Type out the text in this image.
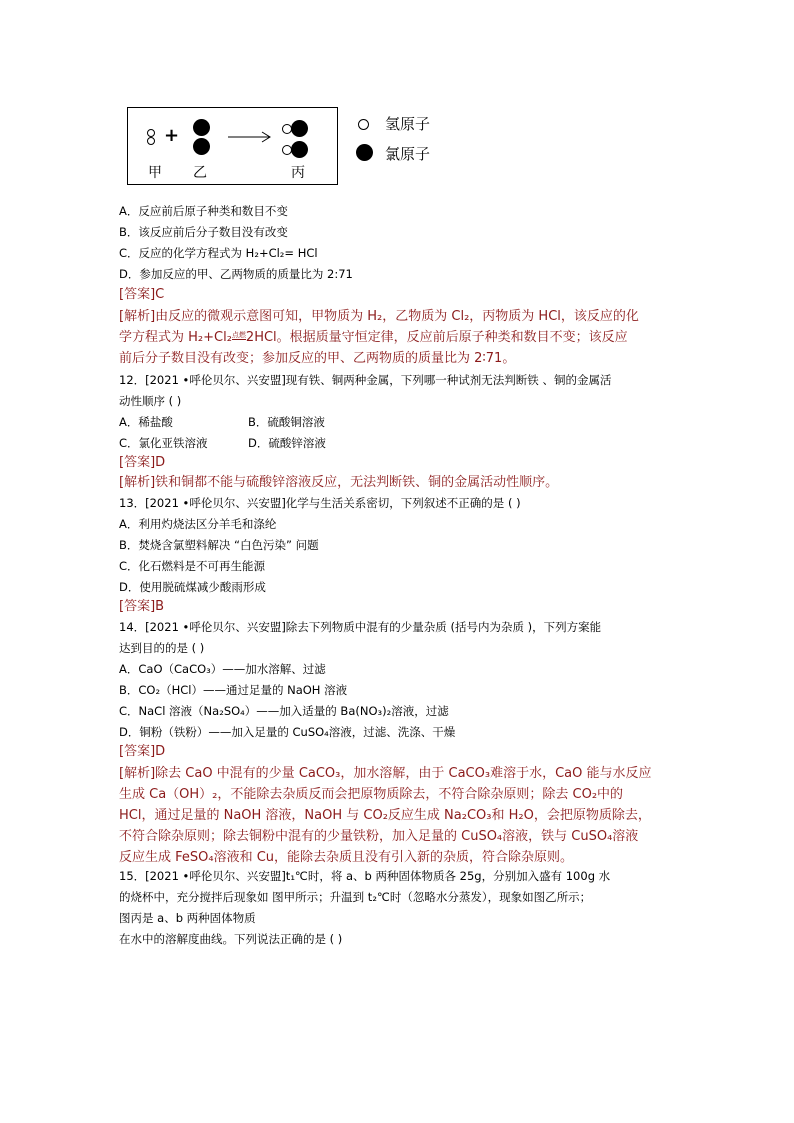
+
甲 乙	丙
氢原子
氯原子
A．反应前后原子种类和数目不变
B．该反应前后分子数目没有改变
C．反应的化学方程式为 H₂+Cl₂= HCl
D．参加反应的甲、乙两物质的质量比为 2:71
[答案]C
[解析]由反应的微观示意图可知，甲物质为 H₂，乙物质为 Cl₂，丙物质为 HCl，该反应的化
学方程式为 H₂+Cl₂点燃2HCl。根据质量守恒定律，反应前后原子种类和数目不变；该反应
前后分子数目没有改变；参加反应的甲、乙两物质的质量比为 2∶71。
12．[2021 •呼伦贝尔、兴安盟]现有铁、铜两种金属，下列哪一种试剂无法判断铁 、铜的金属活
动性顺序 ( )
A．稀盐酸	B．硫酸铜溶液
C．氯化亚铁溶液	D．硫酸锌溶液
[答案]D
[解析]铁和铜都不能与硫酸锌溶液反应，无法判断铁、铜的金属活动性顺序。
13．[2021 •呼伦贝尔、兴安盟]化学与生活关系密切，下列叙述不正确的是 ( )
A．利用灼烧法区分羊毛和涤纶
B．焚烧含氯塑料解决 “白色污染” 问题
C．化石燃料是不可再生能源
D．使用脱硫煤减少酸雨形成
[答案]B
14．[2021 •呼伦贝尔、兴安盟]除去下列物质中混有的少量杂质 (括号内为杂质 )，下列方案能
达到目的的是 ( )
A．CaO（CaCO₃）——加水溶解、过滤
B．CO₂（HCl）——通过足量的 NaOH 溶液
C．NaCl 溶液（Na₂SO₄）——加入适量的 Ba(NO₃)₂溶液，过滤
D．铜粉（铁粉）——加入足量的 CuSO₄溶液，过滤、洗涤、干燥
[答案]D
[解析]除去 CaO 中混有的少量 CaCO₃，加水溶解，由于 CaCO₃难溶于水，CaO 能与水反应
生成 Ca（OH）₂，不能除去杂质反而会把原物质除去，不符合除杂原则；除去 CO₂中的
HCl，通过足量的 NaOH 溶液，NaOH 与 CO₂反应生成 Na₂CO₃和 H₂O，会把原物质除去，
不符合除杂原则；除去铜粉中混有的少量铁粉，加入足量的 CuSO₄溶液，铁与 CuSO₄溶液
反应生成 FeSO₄溶液和 Cu，能除去杂质且没有引入新的杂质，符合除杂原则。
15．[2021 •呼伦贝尔、兴安盟]t₁℃时，将 a、b 两种固体物质各 25g，分别加入盛有 100g 水
的烧杯中，充分搅拌后现象如 图甲所示；升温到 t₂℃时（忽略水分蒸发），现象如图乙所示；
图丙是 a、b 两种固体物质
在水中的溶解度曲线。下列说法正确的是 ( )
